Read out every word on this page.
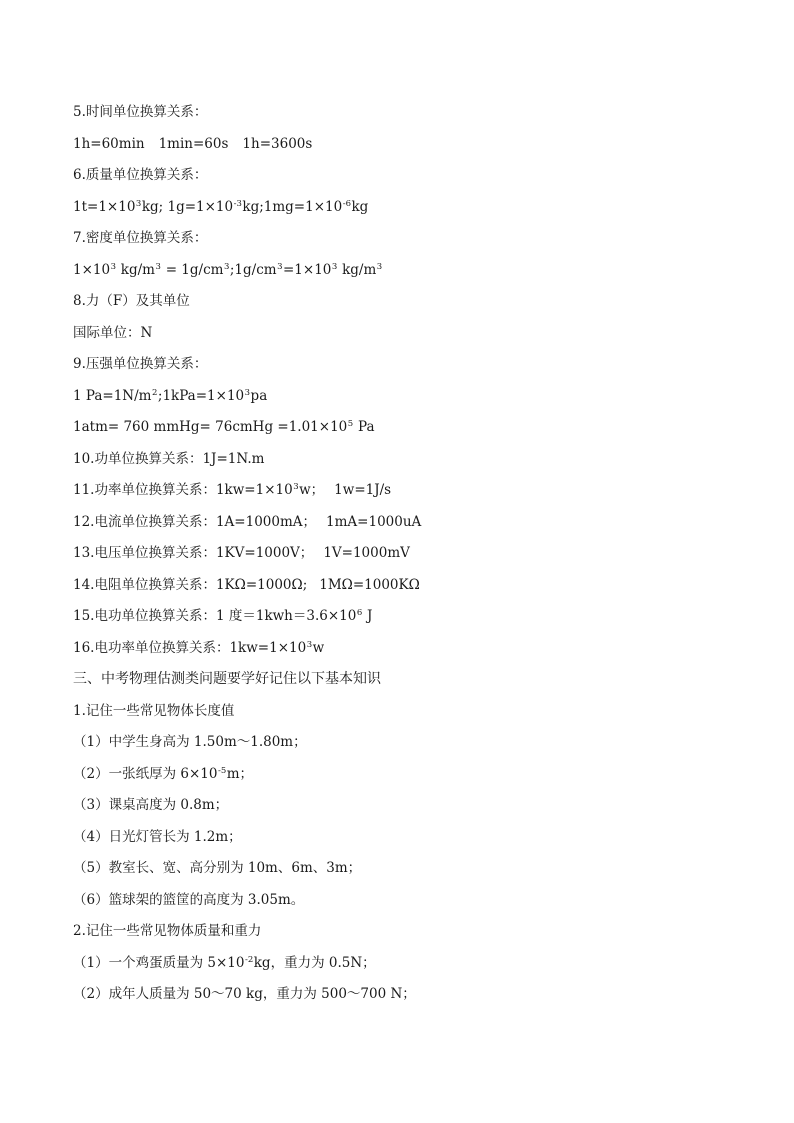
5.时间单位换算关系：
1h=60min 1min=60s 1h=3600s
6.质量单位换算关系：
$1t=1\times 10^3kg$; $1g=1\times 10^{-3}kg;1mg=1\times 10^{-6}kg$
7.密度单位换算关系：
$1\times 10^3$ $kg/m^3$ = $1g/cm^3;1g/cm^3=1\times 10^3$ $kg/m^3$
8.力（F）及其单位
国际单位：N
9.压强单位换算关系：
1 $Pa=1N/m^2;1kPa=1\times 10^3pa$
1atm= 760 mmHg= 76cmHg $=1.01\times 10^5$ Pa
10.功单位换算关系：1J=1N.m
11.功率单位换算关系：$1kw=1\times 10^3w$； 1w=1J/s
12.电流单位换算关系：1A=1000mA； 1mA=1000uA
13.电压单位换算关系：1KV=1000V； 1V=1000mV
14.电阻单位换算关系：1KΩ=1000Ω; 1MΩ=1000KΩ
15.电功单位换算关系：1 度$=1kwh=3.6\times 10^6$ J
16.电功率单位换算关系：$1kw=1\times 10^3w$
三、中考物理估测类问题要学好记住以下基本知识
1.记住一些常见物体长度值
（1）中学生身高为 1.50m～1.80m；
（2）一张纸厚为 $6\times 10^{-5}m$；
（3）课桌高度为 0.8m；
（4）日光灯管长为 1.2m；
（5）教室长、宽、高分别为 10m、6m、3m；
（6）篮球架的篮筐的高度为 3.05m。
2.记住一些常见物体质量和重力
（1）一个鸡蛋质量为 $5\times 10^{-2}kg$，重力为 0.5N；
（2）成年人质量为 50～70 kg，重力为 500～700 N；
